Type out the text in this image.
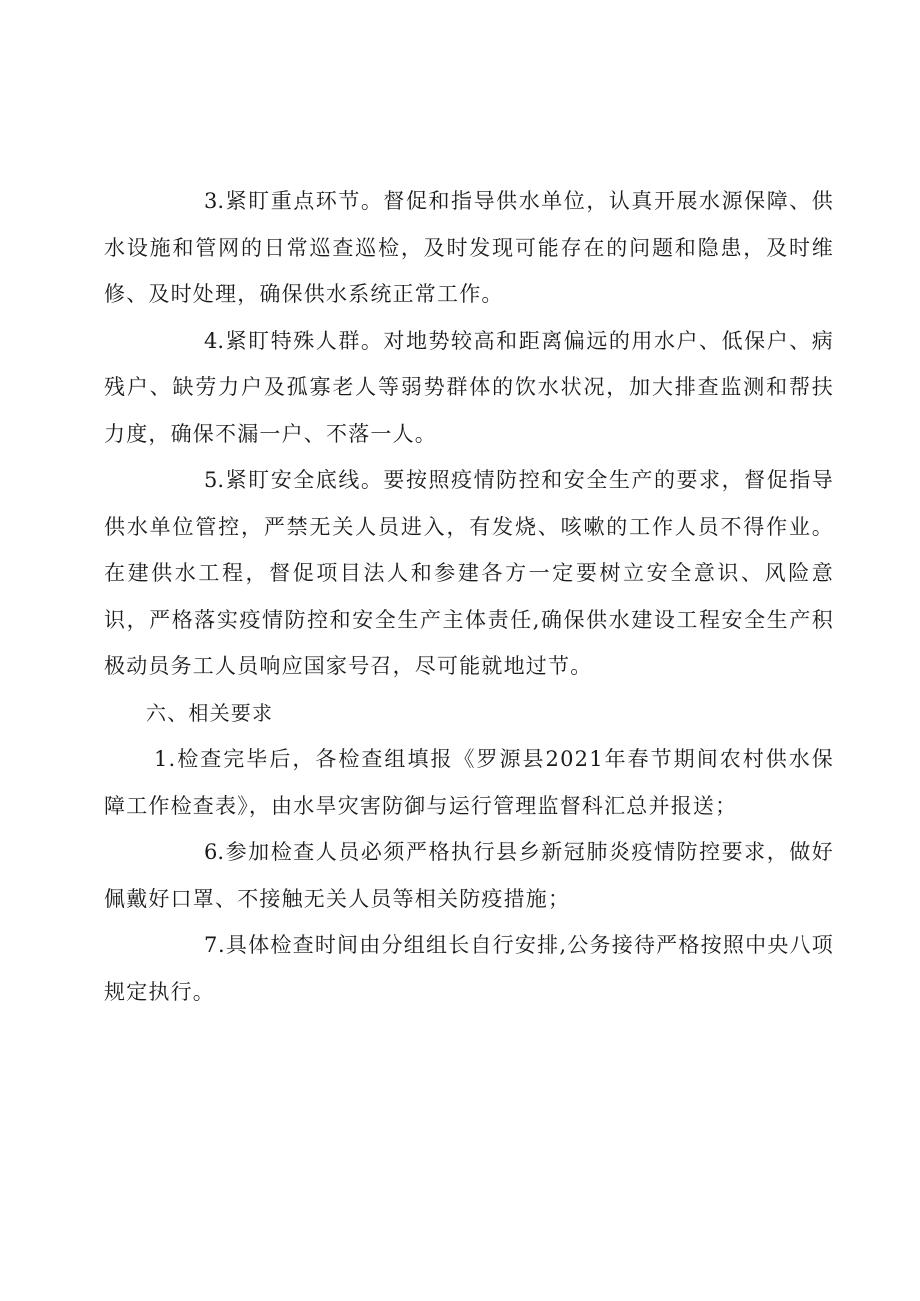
3.紧盯重点环节。督促和指导供水单位，认真开展水源保障、供水设施和管网的日常巡查巡检，及时发现可能存在的问题和隐患，及时维修、及时处理，确保供水系统正常工作。

4.紧盯特殊人群。对地势较高和距离偏远的用水户、低保户、病残户、缺劳力户及孤寡老人等弱势群体的饮水状况，加大排查监测和帮扶力度，确保不漏一户、不落一人。

5.紧盯安全底线。要按照疫情防控和安全生产的要求，督促指导供水单位管控，严禁无关人员进入，有发烧、咳嗽的工作人员不得作业。在建供水工程，督促项目法人和参建各方一定要树立安全意识、风险意识，严格落实疫情防控和安全生产主体责任,确保供水建设工程安全生产积极动员务工人员响应国家号召，尽可能就地过节。

六、相关要求

1.检查完毕后，各检查组填报《罗源县2021年春节期间农村供水保障工作检查表》，由水旱灾害防御与运行管理监督科汇总并报送；

6.参加检查人员必须严格执行县乡新冠肺炎疫情防控要求，做好佩戴好口罩、不接触无关人员等相关防疫措施；

7.具体检查时间由分组组长自行安排,公务接待严格按照中央八项规定执行。
